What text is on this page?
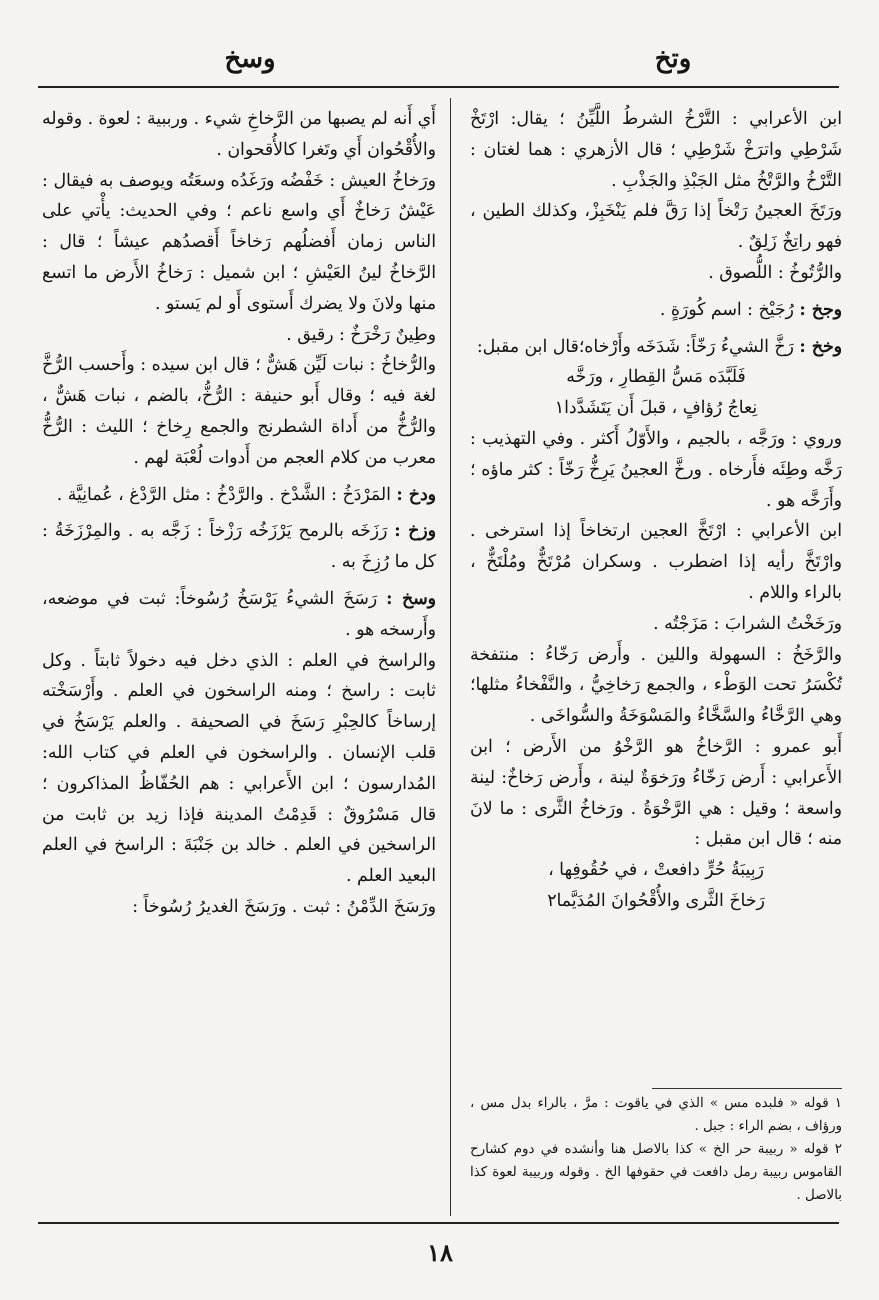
وتخ
وسخ

ابن الأعرابي : التَّرْخُ الشرطُ اللَّيِّنُ ؛ يقال: ارْتَخْ شَرْطِي واترَخْ شَرْطِي ؛ قال الأزهري : هما لغتان : التَّرْخُ والرَّتْخُ مثل الجَبْذِ والجَذْبِ .

ورَتَخَ العجينُ رَتْخاً إذا رَقَّ فلم يَنْخَبِزْ، وكذلك الطين ، فهو راتِخٌ زَلِقٌ .

والرُّتُوخُ : اللُّصوق .

وجخ : رُجَيْخ : اسم كُورَةٍ .

وخخ : رَخَّ الشيءُ رَخّاً: شَدَخَه وأَرْخاه؛قال ابن مقبل:

فَلَبَّدَه مَسُّ القِطارِ ، ورَخَّه

نِعاجُ رُؤافٍ ، قبلَ أَن يَتَشَدَّدا١

وروي : ورَجَّه ، بالجيم ، والأَوّلُ أَكثر . وفي التهذيب : رَخَّه وطِئَه فأَرخاه . ورخَّ العجينُ يَرِخُّ رَخّاً : كثر ماؤه ؛ وأَرَخَّه هو .

ابن الأعرابي : ارْتَخَّ العجين ارتخاخاً إذا استرخى . وارْتَخَّ رأيه إذا اضطرب . وسكران مُرْتَخٌّ ومُلْتَخٌّ ، بالراء واللام .

ورَخَخْتُ الشرابَ : مَزَجْتُه .

والرَّخَخُ : السهولة واللين . وأَرض رَخّاءُ : منتفخة تُكْسَرُ تحت الوَطْء ، والجمع رَخاخِيُّ ، والنَّفْخاءُ مثلها؛ وهي الرَّخَّاءُ والسَّخَّاءُ والمَسْوَخَةُ والسُّواخَى .

أَبو عمرو : الرَّخاخُ هو الرَّخْوُ من الأَرض ؛ ابن الأَعرابي : أَرض رَخّاءُ ورَخوَةٌ لينة ، وأَرض رَخاخٌ: لينة واسعة ؛ وقيل : هي الرَّخْوَةُ . ورَخاخُ الثَّرى : ما لانَ منه ؛ قال ابن مقبل :

رَبِيبَةُ حُرٍّ دافعتْ ، في حُقُوفِها ،

رَخاخَ الثَّرى والأُقْحُوانَ المُدَيَّما٢

١ قوله « فلبده مس » الذي في ياقوت : مرَّ ، بالراء بدل مس ، ورؤاف ، بضم الراء : جبل .

٢ قوله « ربيبة حر الخ » كذا بالاصل هنا وأنشده في دوم كشارح القاموس ربيبة رمل دافعت في حقوفها الخ . وقوله وربيبة لعوة كذا بالاصل .

أَي أَنه لم يصبها من الرَّخاخِ شيء . ورببية : لعوة . وقوله والأُقْحُوان أَي وتَغرا كالأُقحوان .

ورَخاخُ العيش : خَفْضُه ورَغَدُه وسعَتُه ويوصف به فيقال : عَيْشٌ رَخاخٌ أَي واسع ناعم ؛ وفي الحديث: يأْتي على الناس زمان أَفضلُهم رَخاخاً أَقصدُهم عيشاً ؛ قال : الرَّخاخُ لينُ العَيْشِ ؛ ابن شميل : رَخاخُ الأَرض ما اتسع منها ولانَ ولا يضرك أَستوى أَو لم يَستو .

وطِينٌ رَخْرَخٌ : رقيق .

والرُّخاخُ : نبات لَيِّن هَشٌّ ؛ قال ابن سيده : وأَحسب الرُّخَّ لغة فيه ؛ وقال أَبو حنيفة : الرُّخُّ، بالضم ، نبات هَشٌّ ، والرُّخُّ من أَداة الشطرنج والجمع رِخاخ ؛ الليث : الرُّخُّ معرب من كلام العجم من أَدوات لُعْبَة لهم .

ودخ : المَرْدَخُ : الشَّدْخ . والرَّدْخُ : مثل الرَّدْغ ، عُمانِيَّة .

وزخ : رَزَخَه بالرمح يَرْزَخُه رَزْخاً : زَجَّه به . والمِرْزَخَةُ : كل ما رُزِخَ به .

وسخ : رَسَخَ الشيءُ يَرْسَخُ رُسُوخاً: ثبت في موضعه، وأَرسخه هو .

والراسخ في العلم : الذي دخل فيه دخولاً ثابتاً . وكل ثابت : راسخ ؛ ومنه الراسخون في العلم . وأَرْسَخْته إرساخاً كالحِبْرِ رَسَخَ في الصحيفة . والعلم يَرْسَخُ في قلب الإنسان . والراسخون في العلم في كتاب الله: المُدارسون ؛ ابن الأَعرابي : هم الحُفّاظُ المذاكرون ؛ قال مَسْرُوقٌ : قَدِمْتُ المدينة فإذا زيد بن ثابت من الراسخين في العلم . خالد بن جَنْبَةَ : الراسخ في العلم البعيد العلم .

ورَسَخَ الدِّمْنُ : ثبت . ورَسَخَ الغديرُ رُسُوخاً :

١٨
